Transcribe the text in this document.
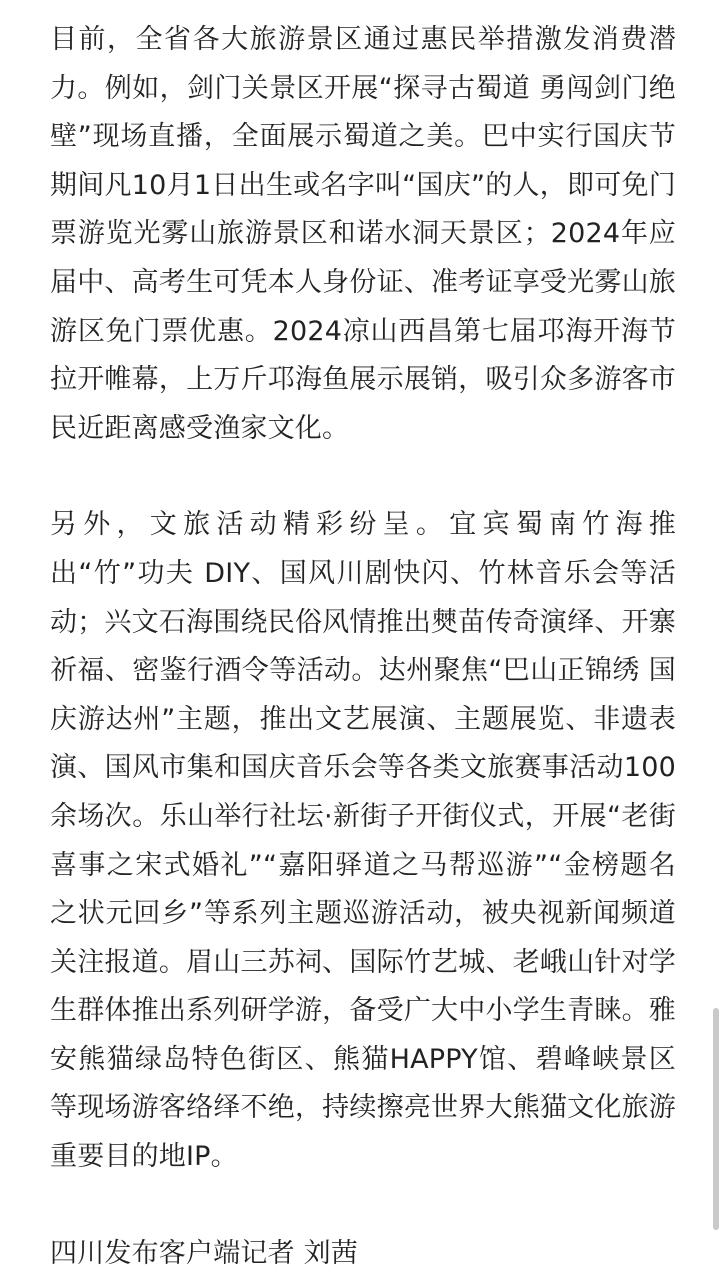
目前，全省各大旅游景区通过惠民举措激发消费潜力。例如，剑门关景区开展“探寻古蜀道 勇闯剑门绝壁”现场直播，全面展示蜀道之美。巴中实行国庆节期间凡10月1日出生或名字叫“国庆”的人，即可免门票游览光雾山旅游景区和诺水洞天景区；2024年应届中、高考生可凭本人身份证、准考证享受光雾山旅游区免门票优惠。2024凉山西昌第七届邛海开海节拉开帷幕，上万斤邛海鱼展示展销，吸引众多游客市民近距离感受渔家文化。

另外，文旅活动精彩纷呈。宜宾蜀南竹海推出“竹”功夫 DIY、国风川剧快闪、竹林音乐会等活动；兴文石海围绕民俗风情推出僰苗传奇演绎、开寨祈福、密鉴行酒令等活动。达州聚焦“巴山正锦绣 国庆游达州”主题，推出文艺展演、主题展览、非遗表演、国风市集和国庆音乐会等各类文旅赛事活动100余场次。乐山举行社坛·新街子开街仪式，开展“老街喜事之宋式婚礼”“嘉阳驿道之马帮巡游”“金榜题名之状元回乡”等系列主题巡游活动，被央视新闻频道关注报道。眉山三苏祠、国际竹艺城、老峨山针对学生群体推出系列研学游，备受广大中小学生青睐。雅安熊猫绿岛特色街区、熊猫HAPPY馆、碧峰峡景区等现场游客络绎不绝，持续擦亮世界大熊猫文化旅游重要目的地IP。

四川发布客户端记者 刘茜
